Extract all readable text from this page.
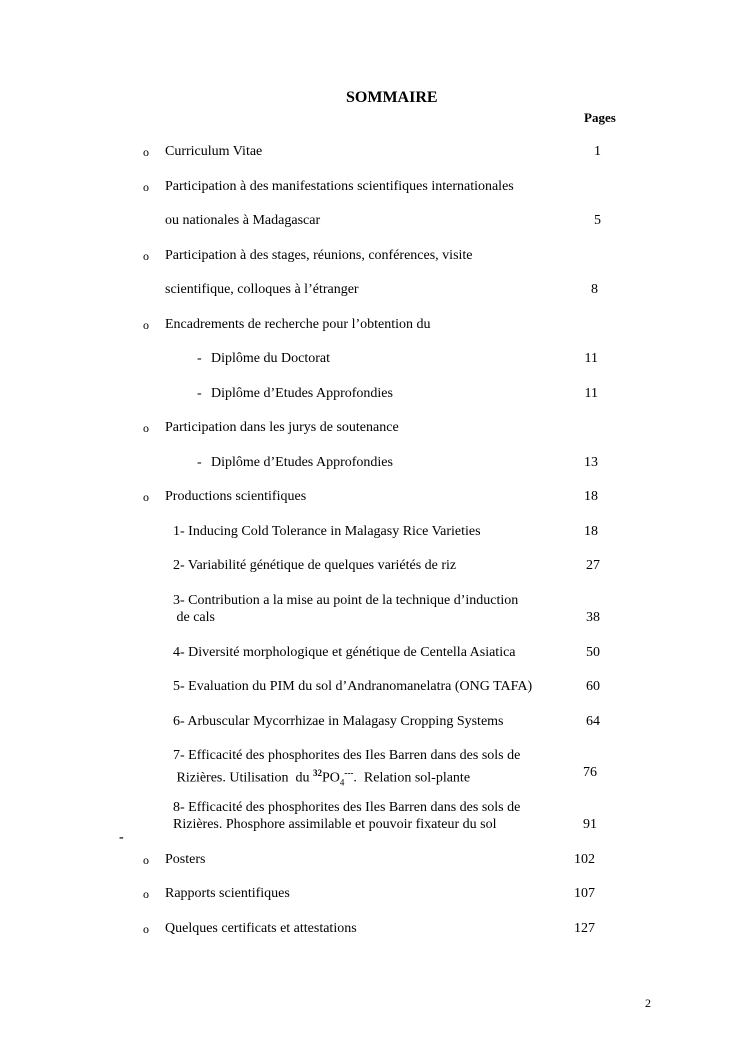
SOMMAIRE
Pages
o Curriculum Vitae	1
o Participation à des manifestations scientifiques internationales
ou nationales à Madagascar	5
o Participation à des stages, réunions, conférences, visite
scientifique, colloques à l’étranger	8
o Encadrements de recherche pour l’obtention du
- Diplôme du Doctorat	11
- Diplôme d’Etudes Approfondies	11
o Participation dans les jurys de soutenance
- Diplôme d’Etudes Approfondies	13
o Productions scientifiques	18
1- Inducing Cold Tolerance in Malagasy Rice Varieties	18
2- Variabilité génétique de quelques variétés de riz	27
3- Contribution a la mise au point de la technique d’induction
de cals	38
4- Diversité morphologique et génétique de Centella Asiatica	50
5- Evaluation du PIM du sol d’Andranomanelatra (ONG TAFA)	60
6- Arbuscular Mycorrhizae in Malagasy Cropping Systems	64
7- Efficacité des phosphorites des Iles Barren dans des sols de
Rizières. Utilisation  du $^{32}PO_4^{---}$.  Relation sol-plante	76
8- Efficacité des phosphorites des Iles Barren dans des sols de
Rizières. Phosphore assimilable et pouvoir fixateur du sol	91
-
o Posters	102
o Rapports scientifiques	107
o Quelques certificats et attestations	127
2
